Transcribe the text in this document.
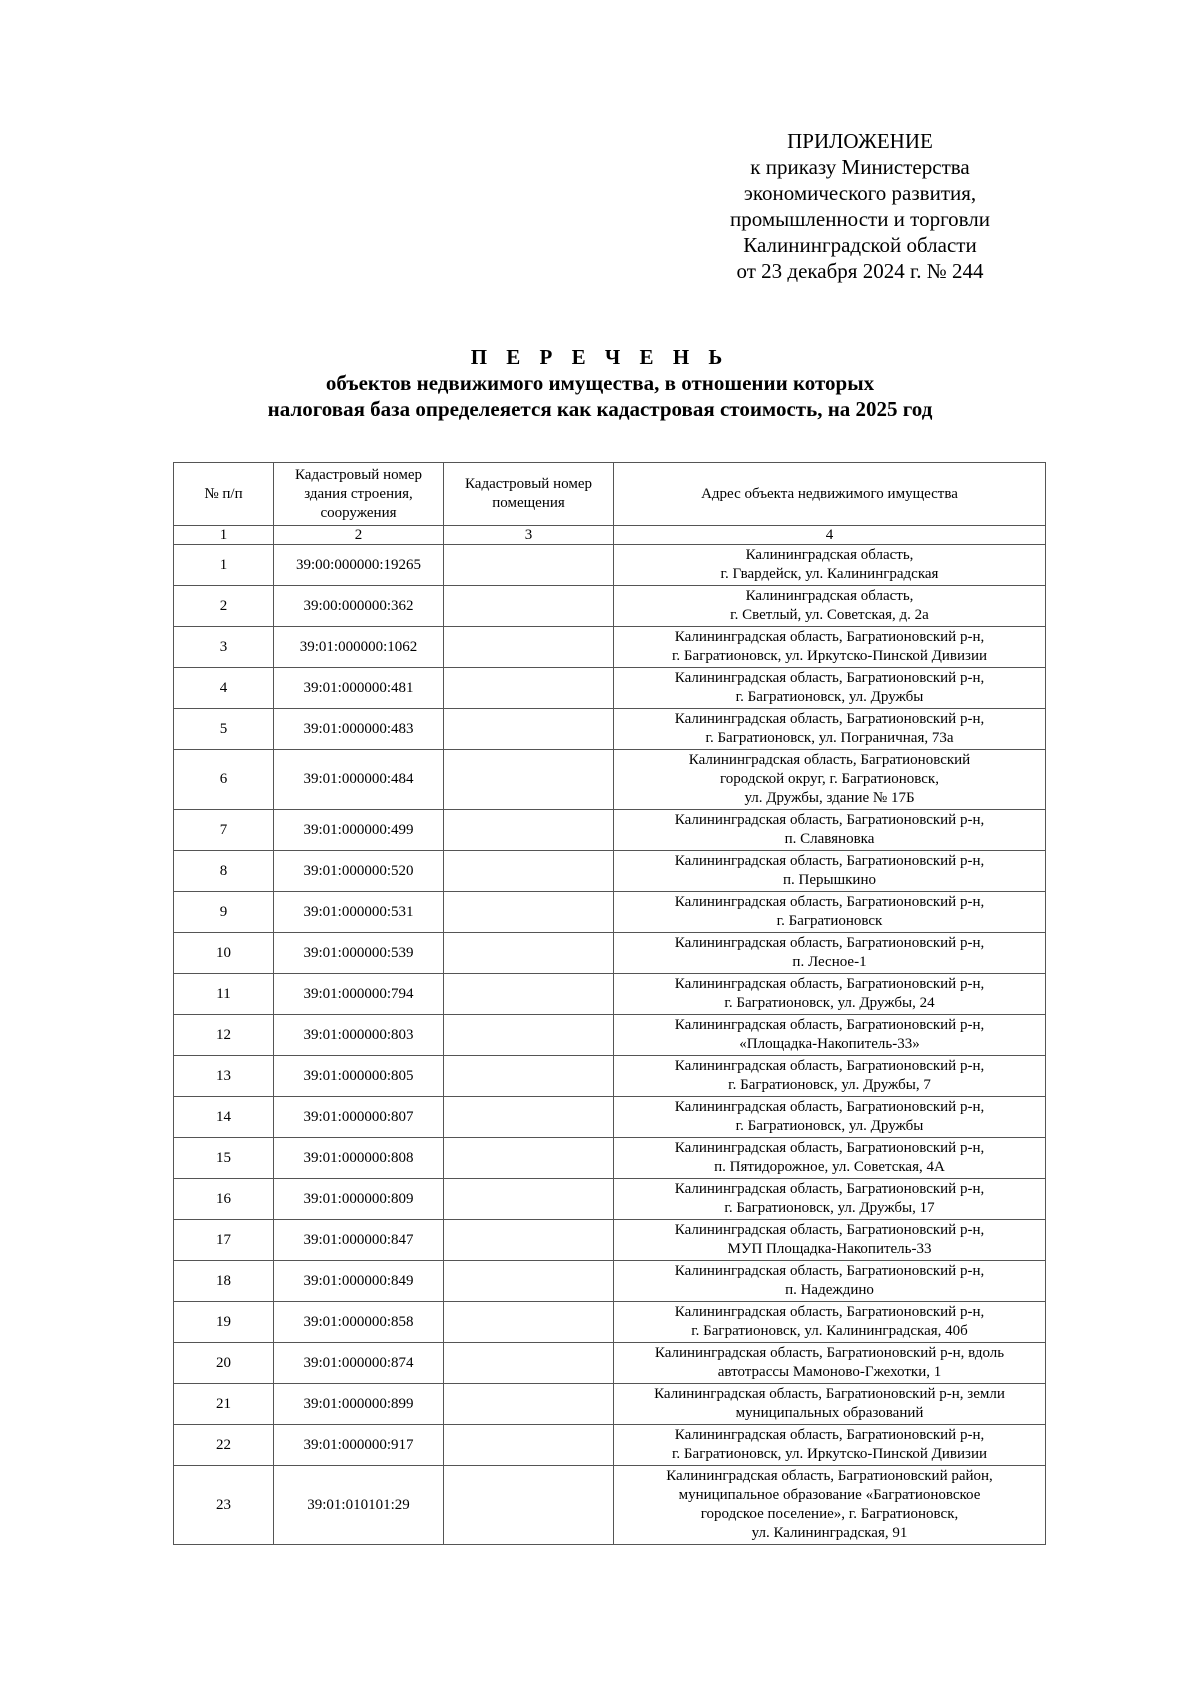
ПРИЛОЖЕНИЕ
к приказу Министерства
экономического развития,
промышленности и торговли
Калининградской области
от 23 декабря 2024 г. № 244
П Е Р Е Ч Е Н Ь
объектов недвижимого имущества, в отношении которых
налоговая база определеяется как кадастровая стоимость, на 2025 год
№ п/п	Кадастровый номер здания строения, сооружения	Кадастровый номер помещения	Адрес объекта недвижимого имущества
1	2	3	4
1	39:00:000000:19265		Калининградская область,
г. Гвардейск, ул. Калининградская
2	39:00:000000:362		Калининградская область,
г. Светлый, ул. Советская, д. 2а
3	39:01:000000:1062		Калининградская область, Багратионовский р-н,
г. Багратионовск, ул. Иркутско-Пинской Дивизии
4	39:01:000000:481		Калининградская область, Багратионовский р-н,
г. Багратионовск, ул. Дружбы
5	39:01:000000:483		Калининградская область, Багратионовский р-н,
г. Багратионовск, ул. Пограничная, 73а
6	39:01:000000:484		Калининградская область, Багратионовский
городской округ, г. Багратионовск,
ул. Дружбы, здание № 17Б
7	39:01:000000:499		Калининградская область, Багратионовский р-н,
п. Славяновка
8	39:01:000000:520		Калининградская область, Багратионовский р-н,
п. Перышкино
9	39:01:000000:531		Калининградская область, Багратионовский р-н,
г. Багратионовск
10	39:01:000000:539		Калининградская область, Багратионовский р-н,
п. Лесное-1
11	39:01:000000:794		Калининградская область, Багратионовский р-н,
г. Багратионовск, ул. Дружбы, 24
12	39:01:000000:803		Калининградская область, Багратионовский р-н,
«Площадка-Накопитель-33»
13	39:01:000000:805		Калининградская область, Багратионовский р-н,
г. Багратионовск, ул. Дружбы, 7
14	39:01:000000:807		Калининградская область, Багратионовский р-н,
г. Багратионовск, ул. Дружбы
15	39:01:000000:808		Калининградская область, Багратионовский р-н,
п. Пятидорожное, ул. Советская, 4А
16	39:01:000000:809		Калининградская область, Багратионовский р-н,
г. Багратионовск, ул. Дружбы, 17
17	39:01:000000:847		Калининградская область, Багратионовский р-н,
МУП Площадка-Накопитель-33
18	39:01:000000:849		Калининградская область, Багратионовский р-н,
п. Надеждино
19	39:01:000000:858		Калининградская область, Багратионовский р-н,
г. Багратионовск, ул. Калининградская, 40б
20	39:01:000000:874		Калининградская область, Багратионовский р-н, вдоль
автотрассы Мамоново-Гжехотки, 1
21	39:01:000000:899		Калининградская область, Багратионовский р-н, земли
муниципальных образований
22	39:01:000000:917		Калининградская область, Багратионовский р-н,
г. Багратионовск, ул. Иркутско-Пинской Дивизии
23	39:01:010101:29		Калининградская область, Багратионовский район,
муниципальное образование «Багратионовское
городское поселение», г. Багратионовск,
ул. Калининградская, 91
